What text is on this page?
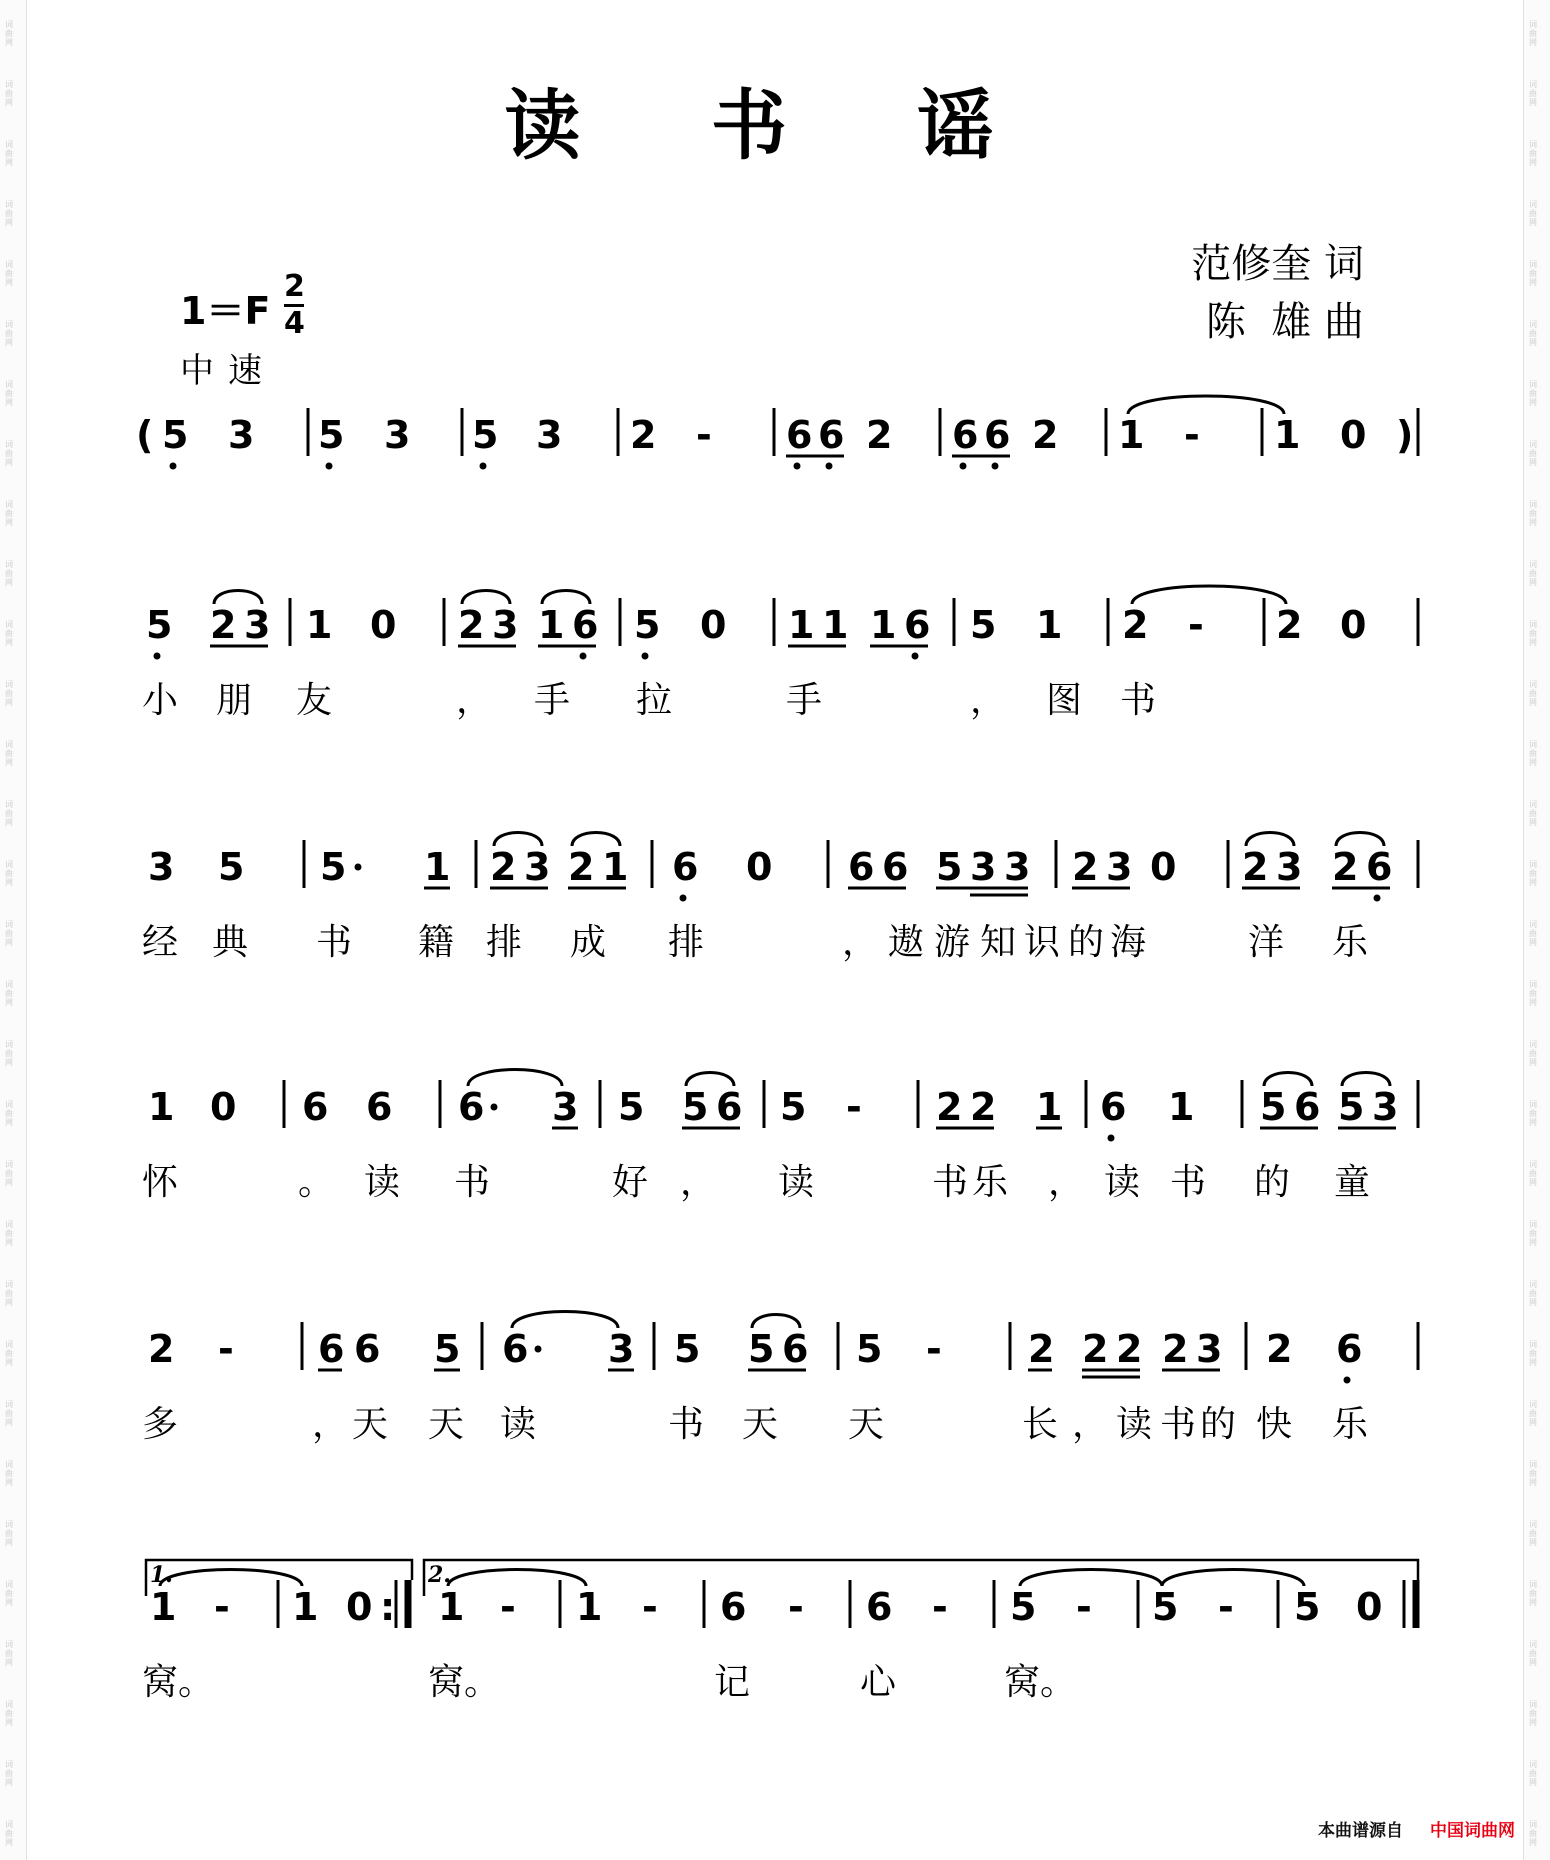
词
曲
网
词
曲
网
词
曲
网
词
曲
网
词
曲
网
词
曲
网
词
曲
网
词
曲
网
词
曲
网
词
曲
网
词
曲
网
词
曲
网
词
曲
网
词
曲
网
词
曲
网
词
曲
网
词
曲
网
词
曲
网
词
曲
网
词
曲
网
词
曲
网
词
曲
网
词
曲
网
词
曲
网
词
曲
网
词
曲
网
词
曲
网
词
曲
网
词
曲
网
词
曲
网
词
曲
网
词
曲
网
词
曲
网
词
曲
网
词
曲
网
词
曲
网
词
曲
网
词
曲
网
词
曲
网
词
曲
网
词
曲
网
词
曲
网
词
曲
网
词
曲
网
词
曲
网
词
曲
网
词
曲
网
词
曲
网
词
曲
网
词
曲
网
词
曲
网
词
曲
网
词
曲
网
词
曲
网
词
曲
网
词
曲
网
词
曲
网
词
曲
网
词
曲
网
词
曲
网
词
曲
网
词
曲
网
读 书 谣
1＝F
2
4
中速
范修奎 词
陈  雄 曲
( 5 3 5 3 5 3 2 - 6 6 2 6 6 2 1 - 1 0 )
5 2 3 1 0 2 3 1 6 5 0 1 1 1 6 5 1 2 - 2 0
小 朋 友	， 手 拉	手	， 图 书
3 5 5 1 2 3 2 1 6 0 6 6 5 3 3 2 3 0 2 3 2 6
经 典 书 籍 排 成 排	， 遨 游 知 识 的 海	洋 乐
1 0 6 6 6 3 5 5 6 5 - 2 2 1 6 1 5 6 5 3
怀	。 读 书	好 ， 读	书 乐 ， 读 书 的 童
2 - 6 6 5 6 3 5 5 6 5 - 2 2 2 2 3 2 6
多	， 天 天 读	书 天 天	长 ， 读 书 的 快 乐
1.	2.
1 - 1 0 : 1 - 1 - 6 - 6 - 5 - 5 - 5 0
窝 。	窝 。	记	心	窝 。
本曲谱源自 中国词曲网
